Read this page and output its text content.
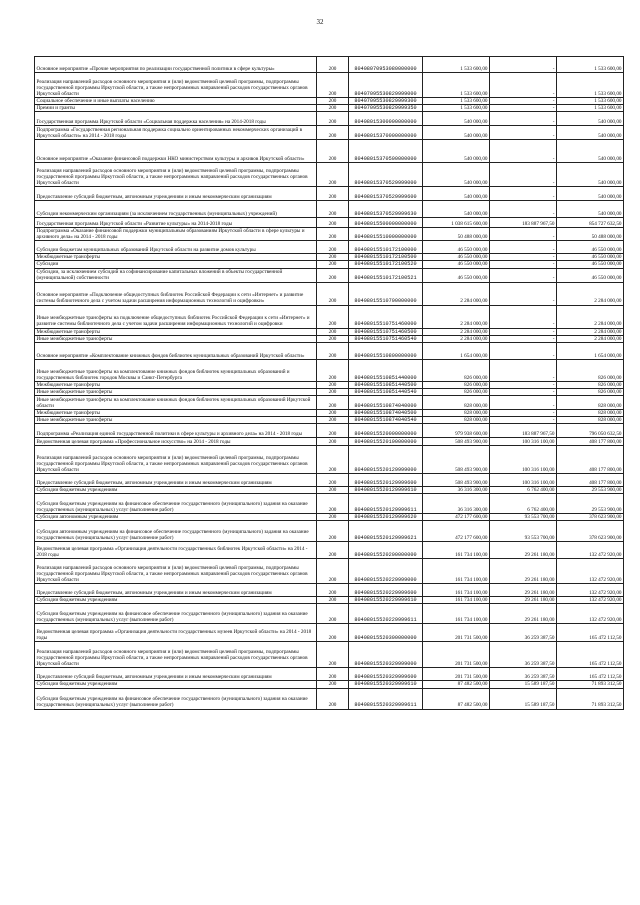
32
Основное мероприятие «Прочие мероприятия по реализации государственной политики в сфере культуры»	200	80408070953080000000	1 533 600,00	-	1 533 600,00
Реализация направлений расходов основного мероприятия и (или) ведомственной целевой программы, подпрограммы государственной программы Иркутской области, а также непрограммных направлений расходов государственных органов Иркутской области	200	80407095530829999000	1 533 600,00	-	1 533 600,00
Социальное обеспечение и иные выплаты населению	200	80407095530829999300	1 533 600,00	-	1 533 600,00
Премии и гранты	200	80407095530829999350	1 533 600,00	-	1 533 600,00
Государственная программа Иркутской области «Социальная поддержка населения» на 2014-2018 годы	200	80408015300000000000	540 000,00	-	540 000,00
Подпрограмма «Государственная региональная поддержка социально ориентированных некоммерческих организаций в Иркутской области» на 2014 - 2018 годы	200	80408015370000000000	540 000,00	-	540 000,00
Основное мероприятие «Оказание финансовой поддержки НКО министерством культуры и архивов Иркутской области»	200	80408015370500000000	540 000,00	-	540 000,00
Реализация направлений расходов основного мероприятия и (или) ведомственной целевой программы, подпрограммы государственной программы Иркутской области, а также непрограммных направлений расходов государственных органов Иркутской области	200	80408015370529999000	540 000,00	-	540 000,00
Предоставление субсидий бюджетным, автономным учреждениям и иным некоммерческим организациям	200	80408015370529999600	540 000,00	-	540 000,00
Субсидии некоммерческим организациям (за исключением государственных (муниципальных) учреждений)	200	80408015370529999630	540 000,00	-	540 000,00
Государственная программа Иркутской области «Развитие культуры» на 2014-2018 годы	200	80408015500000000000	1 038 615 600,00	183 887 967,50	854 727 632,50
Подпрограмма «Оказание финансовой поддержки муниципальным образованиям Иркутской области в сфере культуры и архивного дела» на 2014 - 2018 годы	200	80408015510000000000	50 488 000,00	-	50 488 000,00
Субсидии бюджетам муниципальных образований Иркутской области на развитие домов культуры	200	80408015510172100000	46 550 000,00	-	46 550 000,00
Межбюджетные трансферты	200	80408015510172100500	46 550 000,00	-	46 550 000,00
Субсидии	200	80408015510172100520	46 550 000,00	-	46 550 000,00
Субсидии, за исключением субсидий на софинансирование капитальных вложений в объекты государственной (муниципальной) собственности	200	80408015510172100521	46 550 000,00	-	46 550 000,00
Основное мероприятие «Подключение общедоступных библиотек Российской Федерации к сети «Интернет» и развитие системы библиотечного дела с учетом задачи расширения информационных технологий и оцифровки»	200	80408015510700000000	2 284 000,00	-	2 284 000,00
Иные межбюджетные трансферты на подключение общедоступных библиотек Российской Федерации к сети «Интернет» и развитие системы библиотечного дела с учетом задачи расширения информационных технологий и оцифровки	200	80408015510751460000	2 284 000,00	-	2 284 000,00
Межбюджетные трансферты	200	80408015510751460500	2 284 000,00	-	2 284 000,00
Иные межбюджетные трансферты	200	80408015510751460540	2 284 000,00	-	2 284 000,00
Основное мероприятие «Комплектование книжных фондов библиотек муниципальных образований Иркутской области»	200	80408015510800000000	1 654 000,00	-	1 654 000,00
Иные межбюджетные трансферты на комплектование книжных фондов библиотек муниципальных образований и государственных библиотек городов Москвы и Санкт-Петербурга	200	80408015510851440000	826 000,00	-	826 000,00
Межбюджетные трансферты	200	80408015510851440500	826 000,00	-	826 000,00
Иные межбюджетные трансферты	200	80408015510851440540	826 000,00	-	826 000,00
Иные межбюджетные трансферты на комплектование книжных фондов библиотек муниципальных образований Иркутской области	200	80408015510874040000	828 000,00	-	828 000,00
Межбюджетные трансферты	200	80408015510874040500	828 000,00	-	828 000,00
Иные межбюджетные трансферты	200	80408015510874040540	828 000,00	-	828 000,00
Подпрограмма «Реализация единой государственной политики в сфере культуры и архивного дела» на 2014 - 2018 годы	200	80408015520000000000	979 938 600,00	183 887 967,50	796 050 632,50
Ведомственная целевая программа «Профессиональное искусство» на 2014 - 2018 годы	200	80408015520100000000	508 493 900,00	100 316 100,00	408 177 800,00
Реализация направлений расходов основного мероприятия и (или) ведомственной целевой программы, подпрограммы государственной программы Иркутской области, а также непрограммных направлений расходов государственных органов Иркутской области	200	80408015520129999000	508 493 900,00	100 316 100,00	408 177 800,00
Предоставление субсидий бюджетным, автономным учреждениям и иным некоммерческим организациям	200	80408015520129999600	508 493 900,00	100 316 100,00	408 177 800,00
Субсидии бюджетным учреждениям	200	80408015520129999610	36 316 300,00	6 762 400,00	29 553 900,00
Субсидии бюджетным учреждениям на финансовое обеспечение государственного (муниципального) задания на оказание государственных (муниципальных) услуг (выполнение работ)	200	80408015520129999611	36 316 300,00	6 762 400,00	29 553 900,00
Субсидии автономным учреждениям	200	80408015520129999620	472 177 600,00	93 553 700,00	378 623 900,00
Субсидии автономным учреждениям на финансовое обеспечение государственного (муниципального) задания на оказание государственных (муниципальных) услуг (выполнение работ)	200	80408015520129999621	472 177 600,00	93 553 700,00	378 623 900,00
Ведомственная целевая программа «Организация деятельности государственных библиотек Иркутской области» на 2014 - 2018 годы	200	80408015520200000000	161 734 100,00	29 261 180,00	132 472 920,00
Реализация направлений расходов основного мероприятия и (или) ведомственной целевой программы, подпрограммы государственной программы Иркутской области, а также непрограммных направлений расходов государственных органов Иркутской области	200	80408015520229999000	161 734 100,00	29 261 180,00	132 472 920,00
Предоставление субсидий бюджетным, автономным учреждениям и иным некоммерческим организациям	200	80408015520229999600	161 734 100,00	29 261 180,00	132 472 920,00
Субсидии бюджетным учреждениям	200	80408015520229999610	161 734 100,00	29 261 180,00	132 472 920,00
Субсидии бюджетным учреждениям на финансовое обеспечение государственного (муниципального) задания на оказание государственных (муниципальных) услуг (выполнение работ)	200	80408015520229999611	161 734 100,00	29 261 180,00	132 472 920,00
Ведомственная целевая программа «Организация деятельности государственных музеев Иркутской области» на 2014 - 2018 годы	200	80408015520300000000	201 731 500,00	36 259 387,50	165 472 112,50
Реализация направлений расходов основного мероприятия и (или) ведомственной целевой программы, подпрограммы государственной программы Иркутской области, а также непрограммных направлений расходов государственных органов Иркутской области	200	80408015520329999000	201 731 500,00	36 259 387,50	165 472 112,50
Предоставление субсидий бюджетным, автономным учреждениям и иным некоммерческим организациям	200	80408015520329999600	201 731 500,00	36 259 387,50	165 472 112,50
Субсидии бюджетным учреждениям	200	80408015520329999610	87 482 500,00	15 589 187,50	71 893 312,50
Субсидии бюджетным учреждениям на финансовое обеспечение государственного (муниципального) задания на оказание государственных (муниципальных) услуг (выполнение работ)	200	80408015520329999611	87 482 500,00	15 589 187,50	71 893 312,50
